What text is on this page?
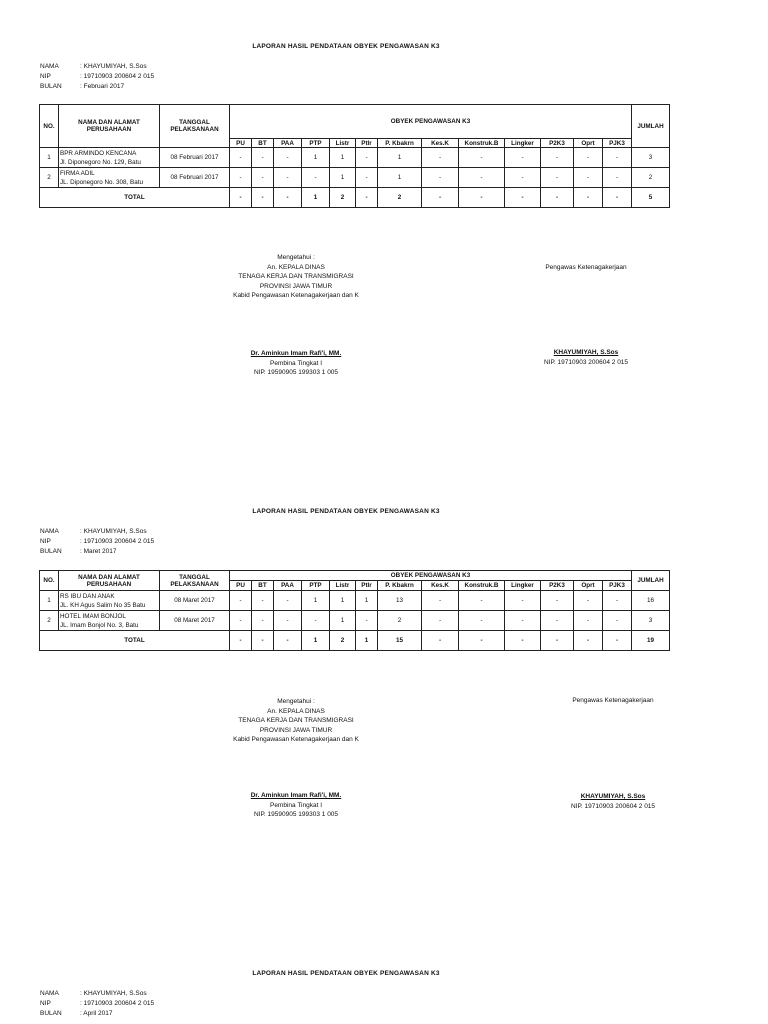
LAPORAN HASIL PENDATAAN OBYEK PENGAWASAN K3
NAMA	: KHAYUMIYAH, S.Sos
NIP	: 19710903 200604 2 015
BULAN	: Februari 2017
NO.	NAMA DAN ALAMAT PERUSAHAAN	TANGGAL PELAKSANAAN	OBYEK PENGAWASAN K3													JUMLAH
			PU	BT	PAA	PTP	Listr	Ptlr	P. Kbakrn	Kes.K	Konstruk.B	Lingker	P2K3	Oprt	PJK3	
1	BPR ARMINDO KENCANA
Jl. Diponegoro No. 129, Batu	08 Februari 2017	-	-	-	1	1	-	1	-	-	-	-	-	-	3
2	FIRMA ADIL
JL. Diponegoro No. 308, Batu	08 Februari 2017	-	-	-	-	1	-	1	-	-	-	-	-	-	2
TOTAL			-	-	-	1	2	-	2	-	-	-	-	-	-	5
Mengetahui :
An. KEPALA DINAS
TENAGA KERJA DAN TRANSMIGRASI
PROVINSI JAWA TIMUR
Kabid Pengawasan Ketenagakerjaan dan K
Dr. Aminkun Imam Rafi'i, MM.
Pembina Tingkat I
NIP. 19590905 199303 1 005
Pengawas Ketenagakerjaan
KHAYUMIYAH, S.Sos
NIP. 19710903 200604 2 015
LAPORAN HASIL PENDATAAN OBYEK PENGAWASAN K3
NAMA	: KHAYUMIYAH, S.Sos
NIP	: 19710903 200604 2 015
BULAN	: Maret 2017
NO.	NAMA DAN ALAMAT PERUSAHAAN	TANGGAL PELAKSANAAN	OBYEK PENGAWASAN K3													JUMLAH
			PU	BT	PAA	PTP	Listr	Ptlr	P. Kbakrn	Kes.K	Konstruk.B	Lingker	P2K3	Oprt	PJK3	
1	RS IBU DAN ANAK
JL. KH Agus Salim No 35 Batu	08 Maret 2017	-	-	-	1	1	1	13	-	-	-	-	-	-	16
2	HOTEL IMAM BONJOL
JL. Imam Bonjol No. 3, Batu	08 Maret 2017	-	-	-	-	1	-	2	-	-	-	-	-	-	3
TOTAL			-	-	-	1	2	1	15	-	-	-	-	-	-	19
Mengetahui :
An. KEPALA DINAS
TENAGA KERJA DAN TRANSMIGRASI
PROVINSI JAWA TIMUR
Kabid Pengawasan Ketenagakerjaan dan K
Dr. Aminkun Imam Rafi'i, MM.
Pembina Tingkat I
NIP. 19590905 199303 1 005
Pengawas Ketenagakerjaan
KHAYUMIYAH, S.Sos
NIP. 19710903 200604 2 015
LAPORAN HASIL PENDATAAN OBYEK PENGAWASAN K3
NAMA	: KHAYUMIYAH, S.Sos
NIP	: 19710903 200604 2 015
BULAN	: April 2017
